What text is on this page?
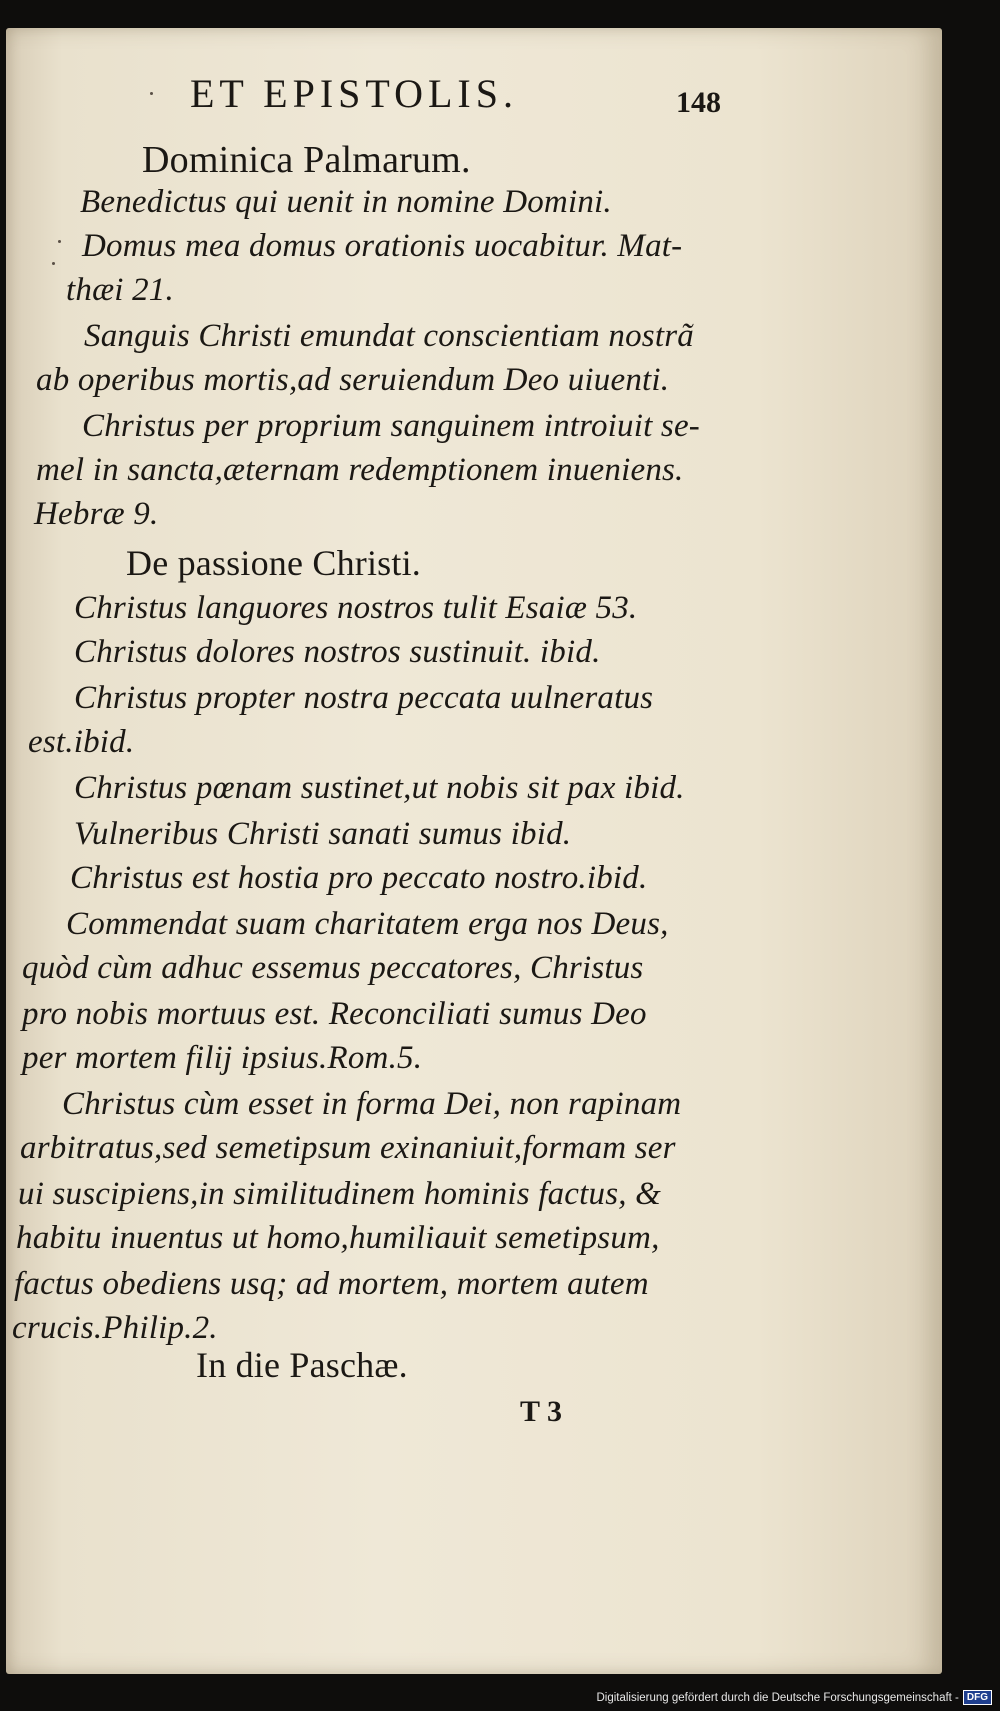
ET EPISTOLIS.	148
Dominica Palmarum.
Benedictus qui uenit in nomine Domini.
Domus mea domus orationis uocabitur. Mat-
thæi 21.
Sanguis Christi emundat conscientiam nostrã
ab operibus mortis,ad seruiendum Deo uiuenti.
Christus per proprium sanguinem introiuit se-
mel in sancta,æternam redemptionem inueniens.
Hebræ 9.
De passione Christi.
Christus languores nostros tulit Esaiæ 53.
Christus dolores nostros sustinuit. ibid.
Christus propter nostra peccata uulneratus
est.ibid.
Christus pœnam sustinet,ut nobis sit pax ibid.
Vulneribus Christi sanati sumus ibid.
Christus est hostia pro peccato nostro.ibid.
Commendat suam charitatem erga nos Deus,
quòd cùm adhuc essemus peccatores, Christus
pro nobis mortuus est. Reconciliati sumus Deo
per mortem filij ipsius.Rom.5.
Christus cùm esset in forma Dei, non rapinam
arbitratus,sed semetipsum exinaniuit,formam ser
ui suscipiens,in similitudinem hominis factus, &
habitu inuentus ut homo,humiliauit semetipsum,
factus obediens usq; ad mortem, mortem autem
crucis.Philip.2.
In die Paschæ.
T 3
Digitalisierung gefördert durch die Deutsche Forschungsgemeinschaft - DFG
